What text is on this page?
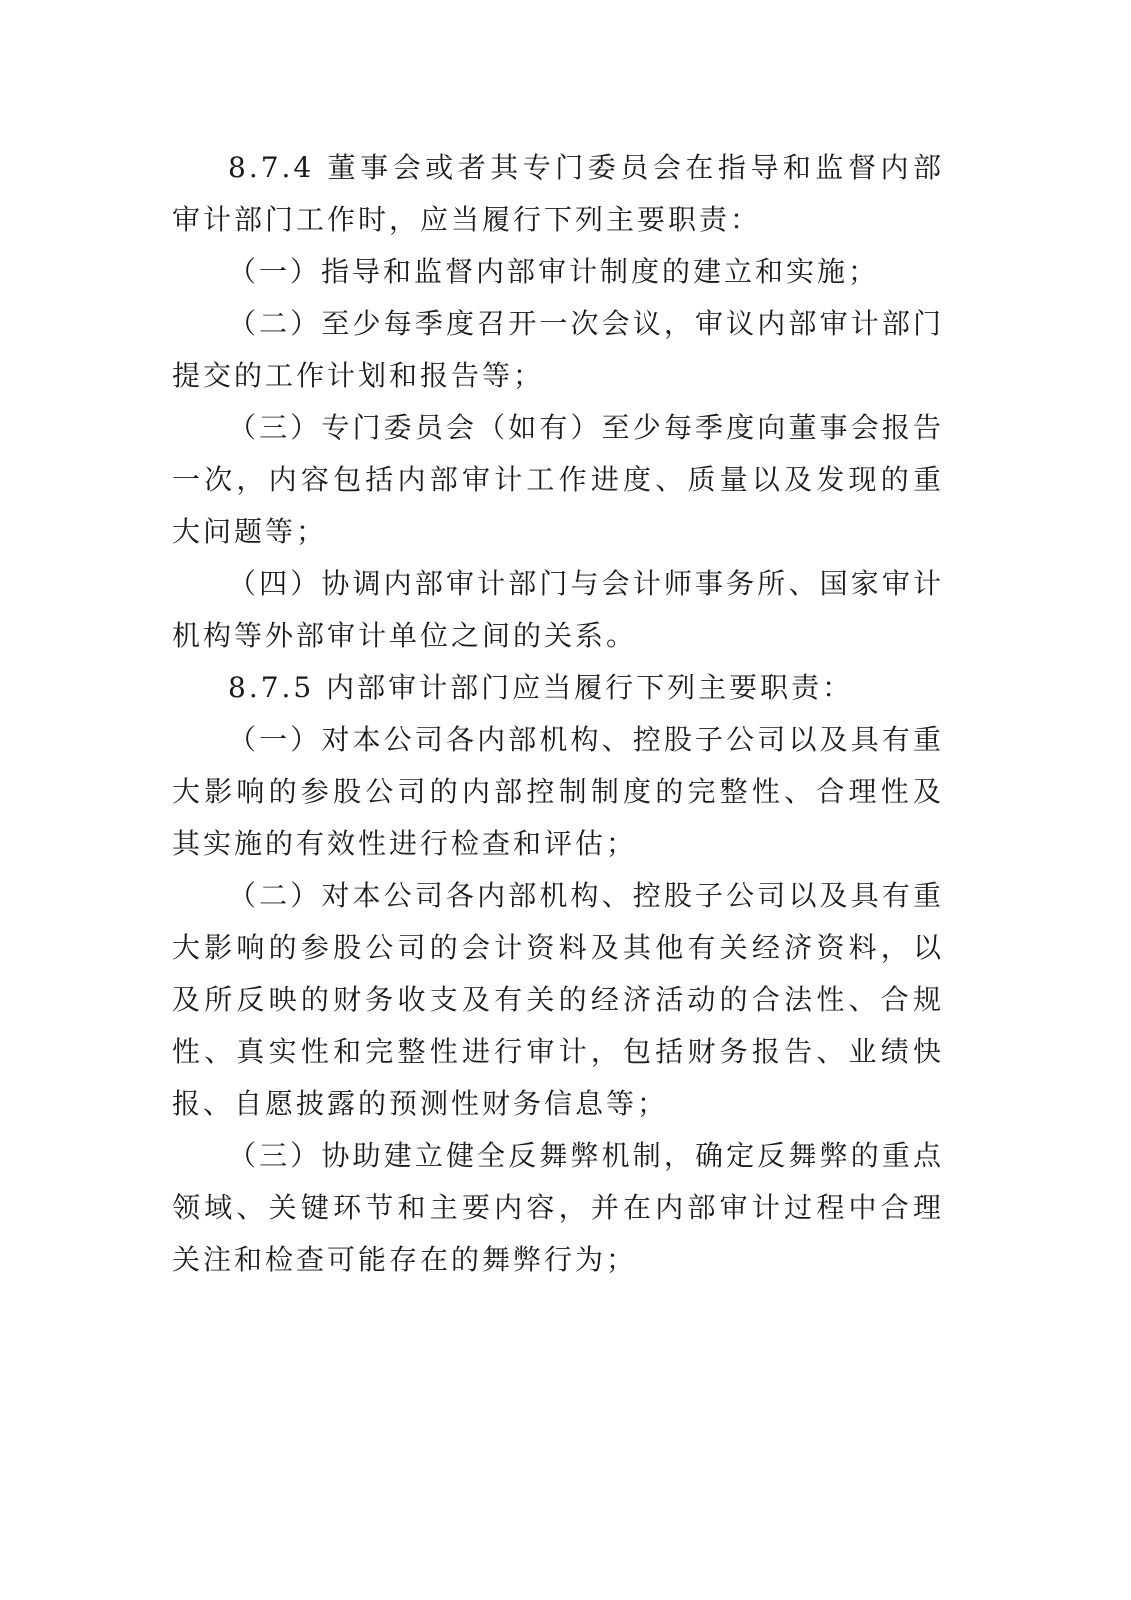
8.7.4 董事会或者其专门委员会在指导和监督内部审计部门工作时，应当履行下列主要职责：

（一）指导和监督内部审计制度的建立和实施；

（二）至少每季度召开一次会议，审议内部审计部门提交的工作计划和报告等；

（三）专门委员会（如有）至少每季度向董事会报告一次，内容包括内部审计工作进度、质量以及发现的重大问题等；

（四）协调内部审计部门与会计师事务所、国家审计机构等外部审计单位之间的关系。

8.7.5 内部审计部门应当履行下列主要职责：

（一）对本公司各内部机构、控股子公司以及具有重大影响的参股公司的内部控制制度的完整性、合理性及其实施的有效性进行检查和评估；

（二）对本公司各内部机构、控股子公司以及具有重大影响的参股公司的会计资料及其他有关经济资料，以及所反映的财务收支及有关的经济活动的合法性、合规性、真实性和完整性进行审计，包括财务报告、业绩快报、自愿披露的预测性财务信息等；

（三）协助建立健全反舞弊机制，确定反舞弊的重点领域、关键环节和主要内容，并在内部审计过程中合理关注和检查可能存在的舞弊行为；
